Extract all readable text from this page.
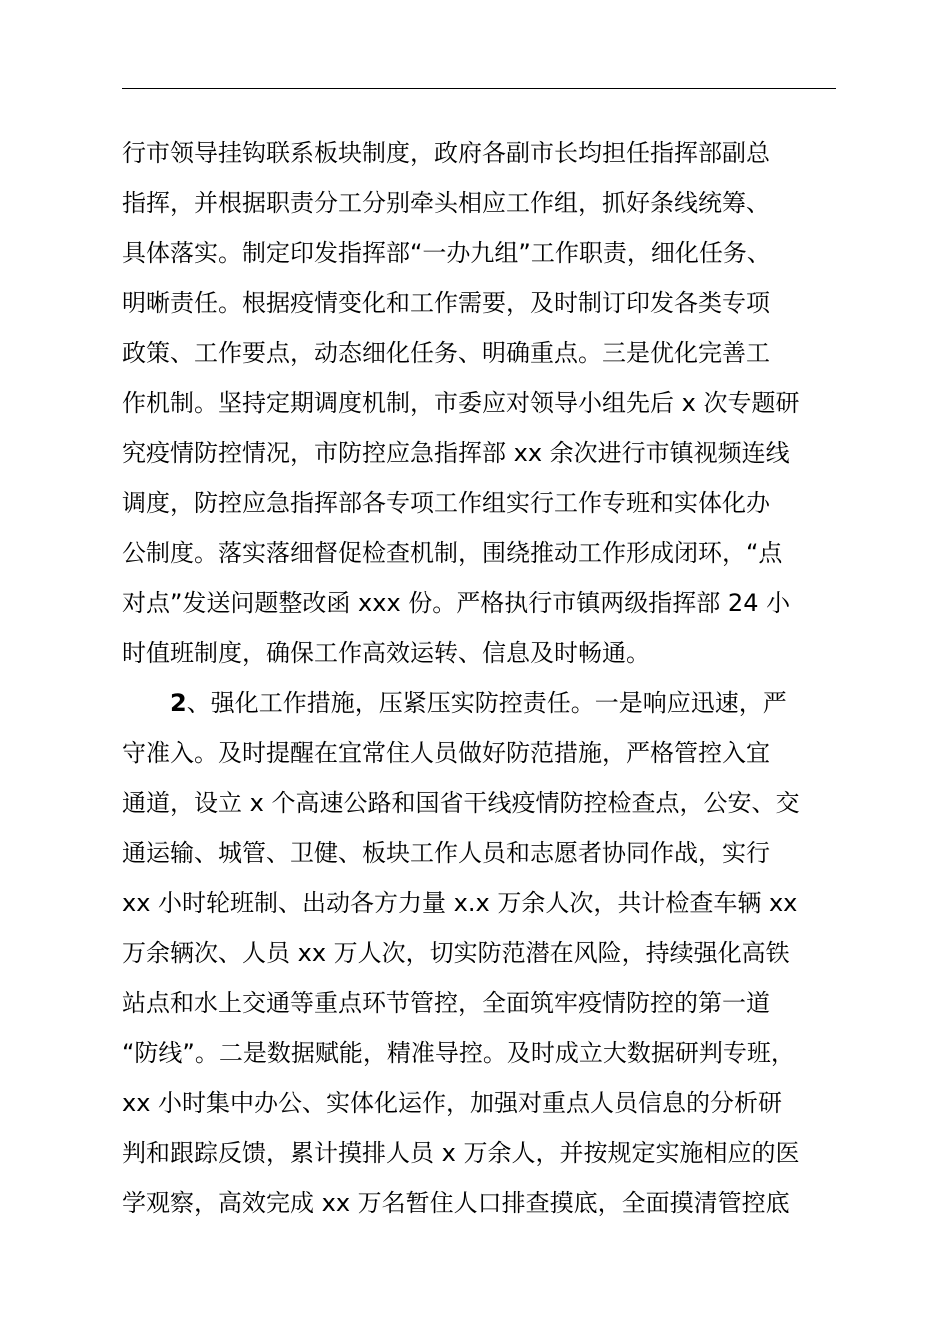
行市领导挂钩联系板块制度，政府各副市长均担任指挥部副总
指挥，并根据职责分工分别牵头相应工作组，抓好条线统筹、
具体落实。制定印发指挥部“一办九组”工作职责，细化任务、
明晰责任。根据疫情变化和工作需要，及时制订印发各类专项
政策、工作要点，动态细化任务、明确重点。三是优化完善工
作机制。坚持定期调度机制，市委应对领导小组先后 x 次专题研
究疫情防控情况，市防控应急指挥部 xx 余次进行市镇视频连线
调度，防控应急指挥部各专项工作组实行工作专班和实体化办
公制度。落实落细督促检查机制，围绕推动工作形成闭环，“点
对点”发送问题整改函 xxx 份。严格执行市镇两级指挥部 24 小
时值班制度，确保工作高效运转、信息及时畅通。
2、强化工作措施，压紧压实防控责任。一是响应迅速，严
守准入。及时提醒在宜常住人员做好防范措施，严格管控入宜
通道，设立 x 个高速公路和国省干线疫情防控检查点，公安、交
通运输、城管、卫健、板块工作人员和志愿者协同作战，实行
xx 小时轮班制、出动各方力量 x.x 万余人次，共计检查车辆 xx
万余辆次、人员 xx 万人次，切实防范潜在风险，持续强化高铁
站点和水上交通等重点环节管控，全面筑牢疫情防控的第一道
“防线”。二是数据赋能，精准导控。及时成立大数据研判专班，
xx 小时集中办公、实体化运作，加强对重点人员信息的分析研
判和跟踪反馈，累计摸排人员 x 万余人，并按规定实施相应的医
学观察，高效完成 xx 万名暂住人口排查摸底，全面摸清管控底
